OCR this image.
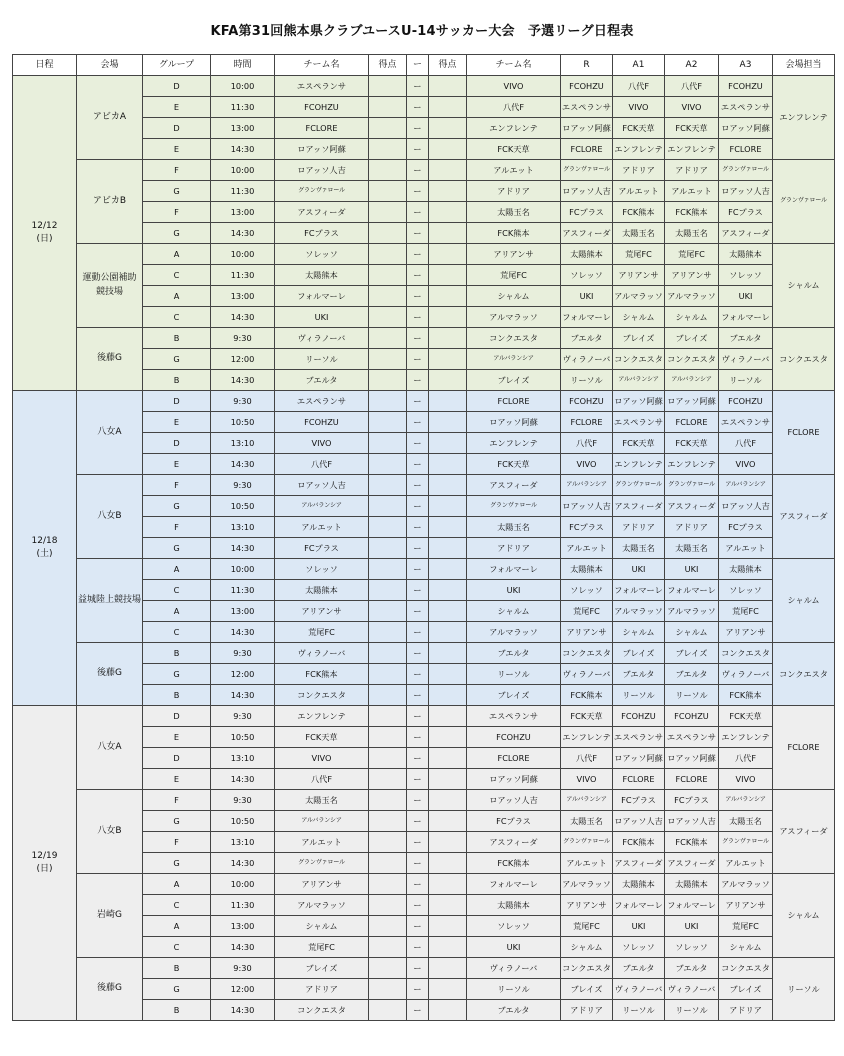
KFA第31回熊本県クラブユースU-14サッカー大会　予選リーグ日程表
日程	会場	グループ	時間	チーム名	得点	ー	得点	チーム名	R	A1	A2	A3	会場担当

12/12
(日)	アビカA	D	10:00	エスペランサ		ー		VIVO	FCOHZU	八代F	八代F	FCOHZU	エンフレンテ
		E	11:30	FCOHZU		ー		八代F	エスペランサ	VIVO	VIVO	エスペランサ	
		D	13:00	FCLORE		ー		エンフレンテ	ロアッソ阿蘇	FCK天草	FCK天草	ロアッソ阿蘇	
		E	14:30	ロアッソ阿蘇		ー		FCK天草	FCLORE	エンフレンテ	エンフレンテ	FCLORE	

	アビカB	F	10:00	ロアッソ人吉		ー		アルエット	グランヴァロール	アドリア	アドリア	グランヴァロール	グランヴァロール
		G	11:30	グランヴァロール		ー		アドリア	ロアッソ人吉	アルエット	アルエット	ロアッソ人吉	
		F	13:00	アスフィーダ		ー		太陽玉名	FCプラス	FCK熊本	FCK熊本	FCプラス	
		G	14:30	FCプラス		ー		FCK熊本	アスフィーダ	太陽玉名	太陽玉名	アスフィーダ	

	運動公園補助
競技場	A	10:00	ソレッソ		ー		アリアンサ	太陽熊本	荒尾FC	荒尾FC	太陽熊本	シャルム
		C	11:30	太陽熊本		ー		荒尾FC	ソレッソ	アリアンサ	アリアンサ	ソレッソ	
		A	13:00	フォルマーレ		ー		シャルム	UKI	アルマラッソ	アルマラッソ	UKI	
		C	14:30	UKI		ー		アルマラッソ	フォルマーレ	シャルム	シャルム	フォルマーレ	

	後藤G	B	9:30	ヴィラノーバ		ー		コンクエスタ	ブエルタ	ブレイズ	ブレイズ	ブエルタ	コンクエスタ
		G	12:00	リーソル		ー		アルバランシア	ヴィラノーバ	コンクエスタ	コンクエスタ	ヴィラノーバ	
		B	14:30	ブエルタ		ー		ブレイズ	リーソル	アルバランシア	アルバランシア	リーソル	

12/18
(土)	八女A	D	9:30	エスペランサ		ー		FCLORE	FCOHZU	ロアッソ阿蘇	ロアッソ阿蘇	FCOHZU	FCLORE
		E	10:50	FCOHZU		ー		ロアッソ阿蘇	FCLORE	エスペランサ	FCLORE	エスペランサ	
		D	13:10	VIVO		ー		エンフレンテ	八代F	FCK天草	FCK天草	八代F	
		E	14:30	八代F		ー		FCK天草	VIVO	エンフレンテ	エンフレンテ	VIVO	

	八女B	F	9:30	ロアッソ人吉		ー		アスフィーダ	アルバランシア	グランヴァロール	グランヴァロール	アルバランシア	アスフィーダ
		G	10:50	アルバランシア		ー		グランヴァロール	ロアッソ人吉	アスフィーダ	アスフィーダ	ロアッソ人吉	
		F	13:10	アルエット		ー		太陽玉名	FCプラス	アドリア	アドリア	FCプラス	
		G	14:30	FCプラス		ー		アドリア	アルエット	太陽玉名	太陽玉名	アルエット	

	益城陸上競技場	A	10:00	ソレッソ		ー		フォルマーレ	太陽熊本	UKI	UKI	太陽熊本	シャルム
		C	11:30	太陽熊本		ー		UKI	ソレッソ	フォルマーレ	フォルマーレ	ソレッソ	
		A	13:00	アリアンサ		ー		シャルム	荒尾FC	アルマラッソ	アルマラッソ	荒尾FC	
		C	14:30	荒尾FC		ー		アルマラッソ	アリアンサ	シャルム	シャルム	アリアンサ	

	後藤G	B	9:30	ヴィラノーバ		ー		ブエルタ	コンクエスタ	ブレイズ	ブレイズ	コンクエスタ	コンクエスタ
		G	12:00	FCK熊本		ー		リーソル	ヴィラノーバ	ブエルタ	ブエルタ	ヴィラノーバ	
		B	14:30	コンクエスタ		ー		ブレイズ	FCK熊本	リーソル	リーソル	FCK熊本	

12/19
(日)	八女A	D	9:30	エンフレンテ		ー		エスペランサ	FCK天草	FCOHZU	FCOHZU	FCK天草	FCLORE
		E	10:50	FCK天草		ー		FCOHZU	エンフレンテ	エスペランサ	エスペランサ	エンフレンテ	
		D	13:10	VIVO		ー		FCLORE	八代F	ロアッソ阿蘇	ロアッソ阿蘇	八代F	
		E	14:30	八代F		ー		ロアッソ阿蘇	VIVO	FCLORE	FCLORE	VIVO	

	八女B	F	9:30	太陽玉名		ー		ロアッソ人吉	アルバランシア	FCプラス	FCプラス	アルバランシア	アスフィーダ
		G	10:50	アルバランシア		ー		FCプラス	太陽玉名	ロアッソ人吉	ロアッソ人吉	太陽玉名	
		F	13:10	アルエット		ー		アスフィーダ	グランヴァロール	FCK熊本	FCK熊本	グランヴァロール	
		G	14:30	グランヴァロール		ー		FCK熊本	アルエット	アスフィーダ	アスフィーダ	アルエット	

	岩崎G	A	10:00	アリアンサ		ー		フォルマーレ	アルマラッソ	太陽熊本	太陽熊本	アルマラッソ	シャルム
		C	11:30	アルマラッソ		ー		太陽熊本	アリアンサ	フォルマーレ	フォルマーレ	アリアンサ	
		A	13:00	シャルム		ー		ソレッソ	荒尾FC	UKI	UKI	荒尾FC	
		C	14:30	荒尾FC		ー		UKI	シャルム	ソレッソ	ソレッソ	シャルム	

	後藤G	B	9:30	ブレイズ		ー		ヴィラノーバ	コンクエスタ	ブエルタ	ブエルタ	コンクエスタ	リーソル
		G	12:00	アドリア		ー		リーソル	ブレイズ	ヴィラノーバ	ヴィラノーバ	ブレイズ	
		B	14:30	コンクエスタ		ー		ブエルタ	アドリア	リーソル	リーソル	アドリア	
